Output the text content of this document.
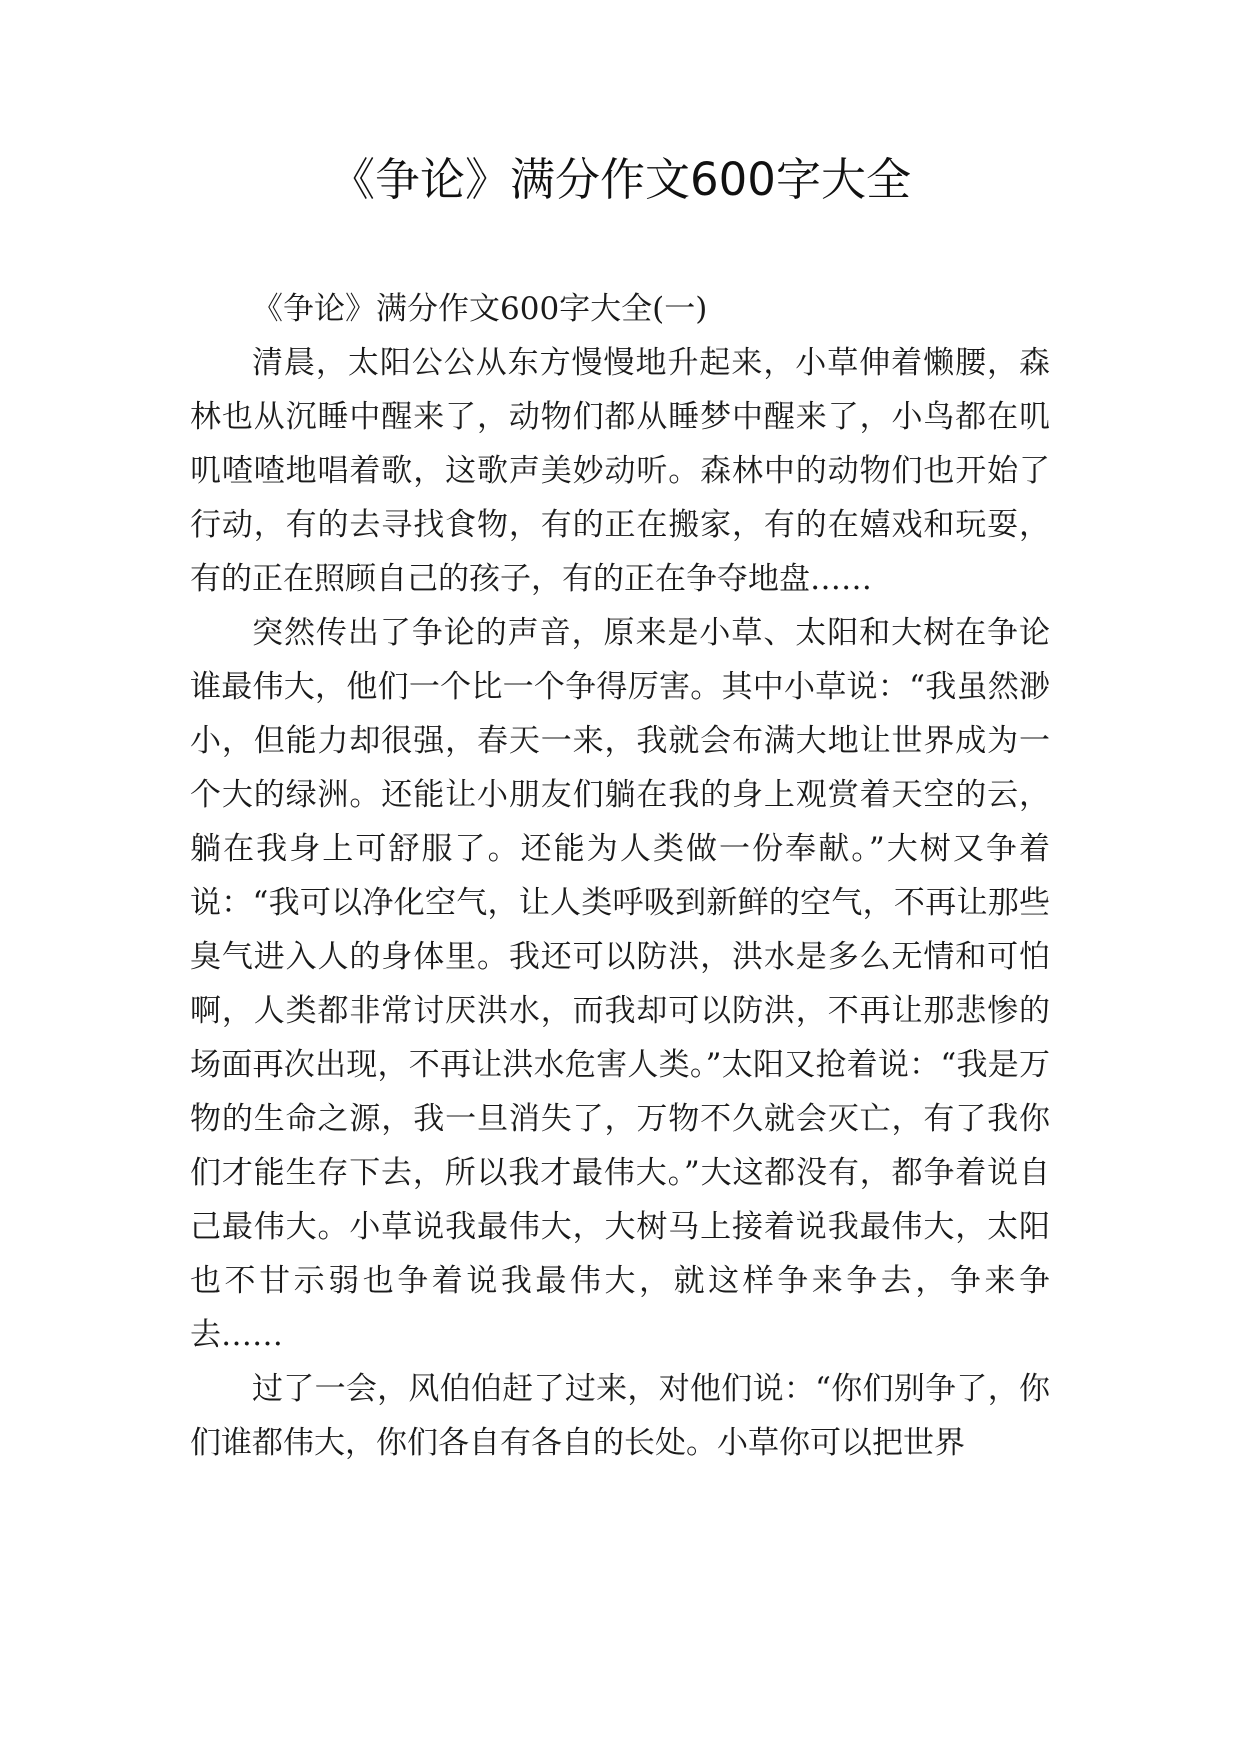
《争论》满分作文600字大全

《争论》满分作文600字大全(一)

清晨，太阳公公从东方慢慢地升起来，小草伸着懒腰，森林也从沉睡中醒来了，动物们都从睡梦中醒来了，小鸟都在叽叽喳喳地唱着歌，这歌声美妙动听。森林中的动物们也开始了行动，有的去寻找食物，有的正在搬家，有的在嬉戏和玩耍，有的正在照顾自己的孩子，有的正在争夺地盘……

突然传出了争论的声音，原来是小草、太阳和大树在争论谁最伟大，他们一个比一个争得厉害。其中小草说：“我虽然渺小，但能力却很强，春天一来，我就会布满大地让世界成为一个大的绿洲。还能让小朋友们躺在我的身上观赏着天空的云，躺在我身上可舒服了。还能为人类做一份奉献。”大树又争着说：“我可以净化空气，让人类呼吸到新鲜的空气，不再让那些臭气进入人的身体里。我还可以防洪，洪水是多么无情和可怕啊，人类都非常讨厌洪水，而我却可以防洪，不再让那悲惨的场面再次出现，不再让洪水危害人类。”太阳又抢着说：“我是万物的生命之源，我一旦消失了，万物不久就会灭亡，有了我你们才能生存下去，所以我才最伟大。”大这都没有，都争着说自己最伟大。小草说我最伟大，大树马上接着说我最伟大，太阳也不甘示弱也争着说我最伟大，就这样争来争去，争来争去……

过了一会，风伯伯赶了过来，对他们说：“你们别争了，你们谁都伟大，你们各自有各自的长处。小草你可以把世界
